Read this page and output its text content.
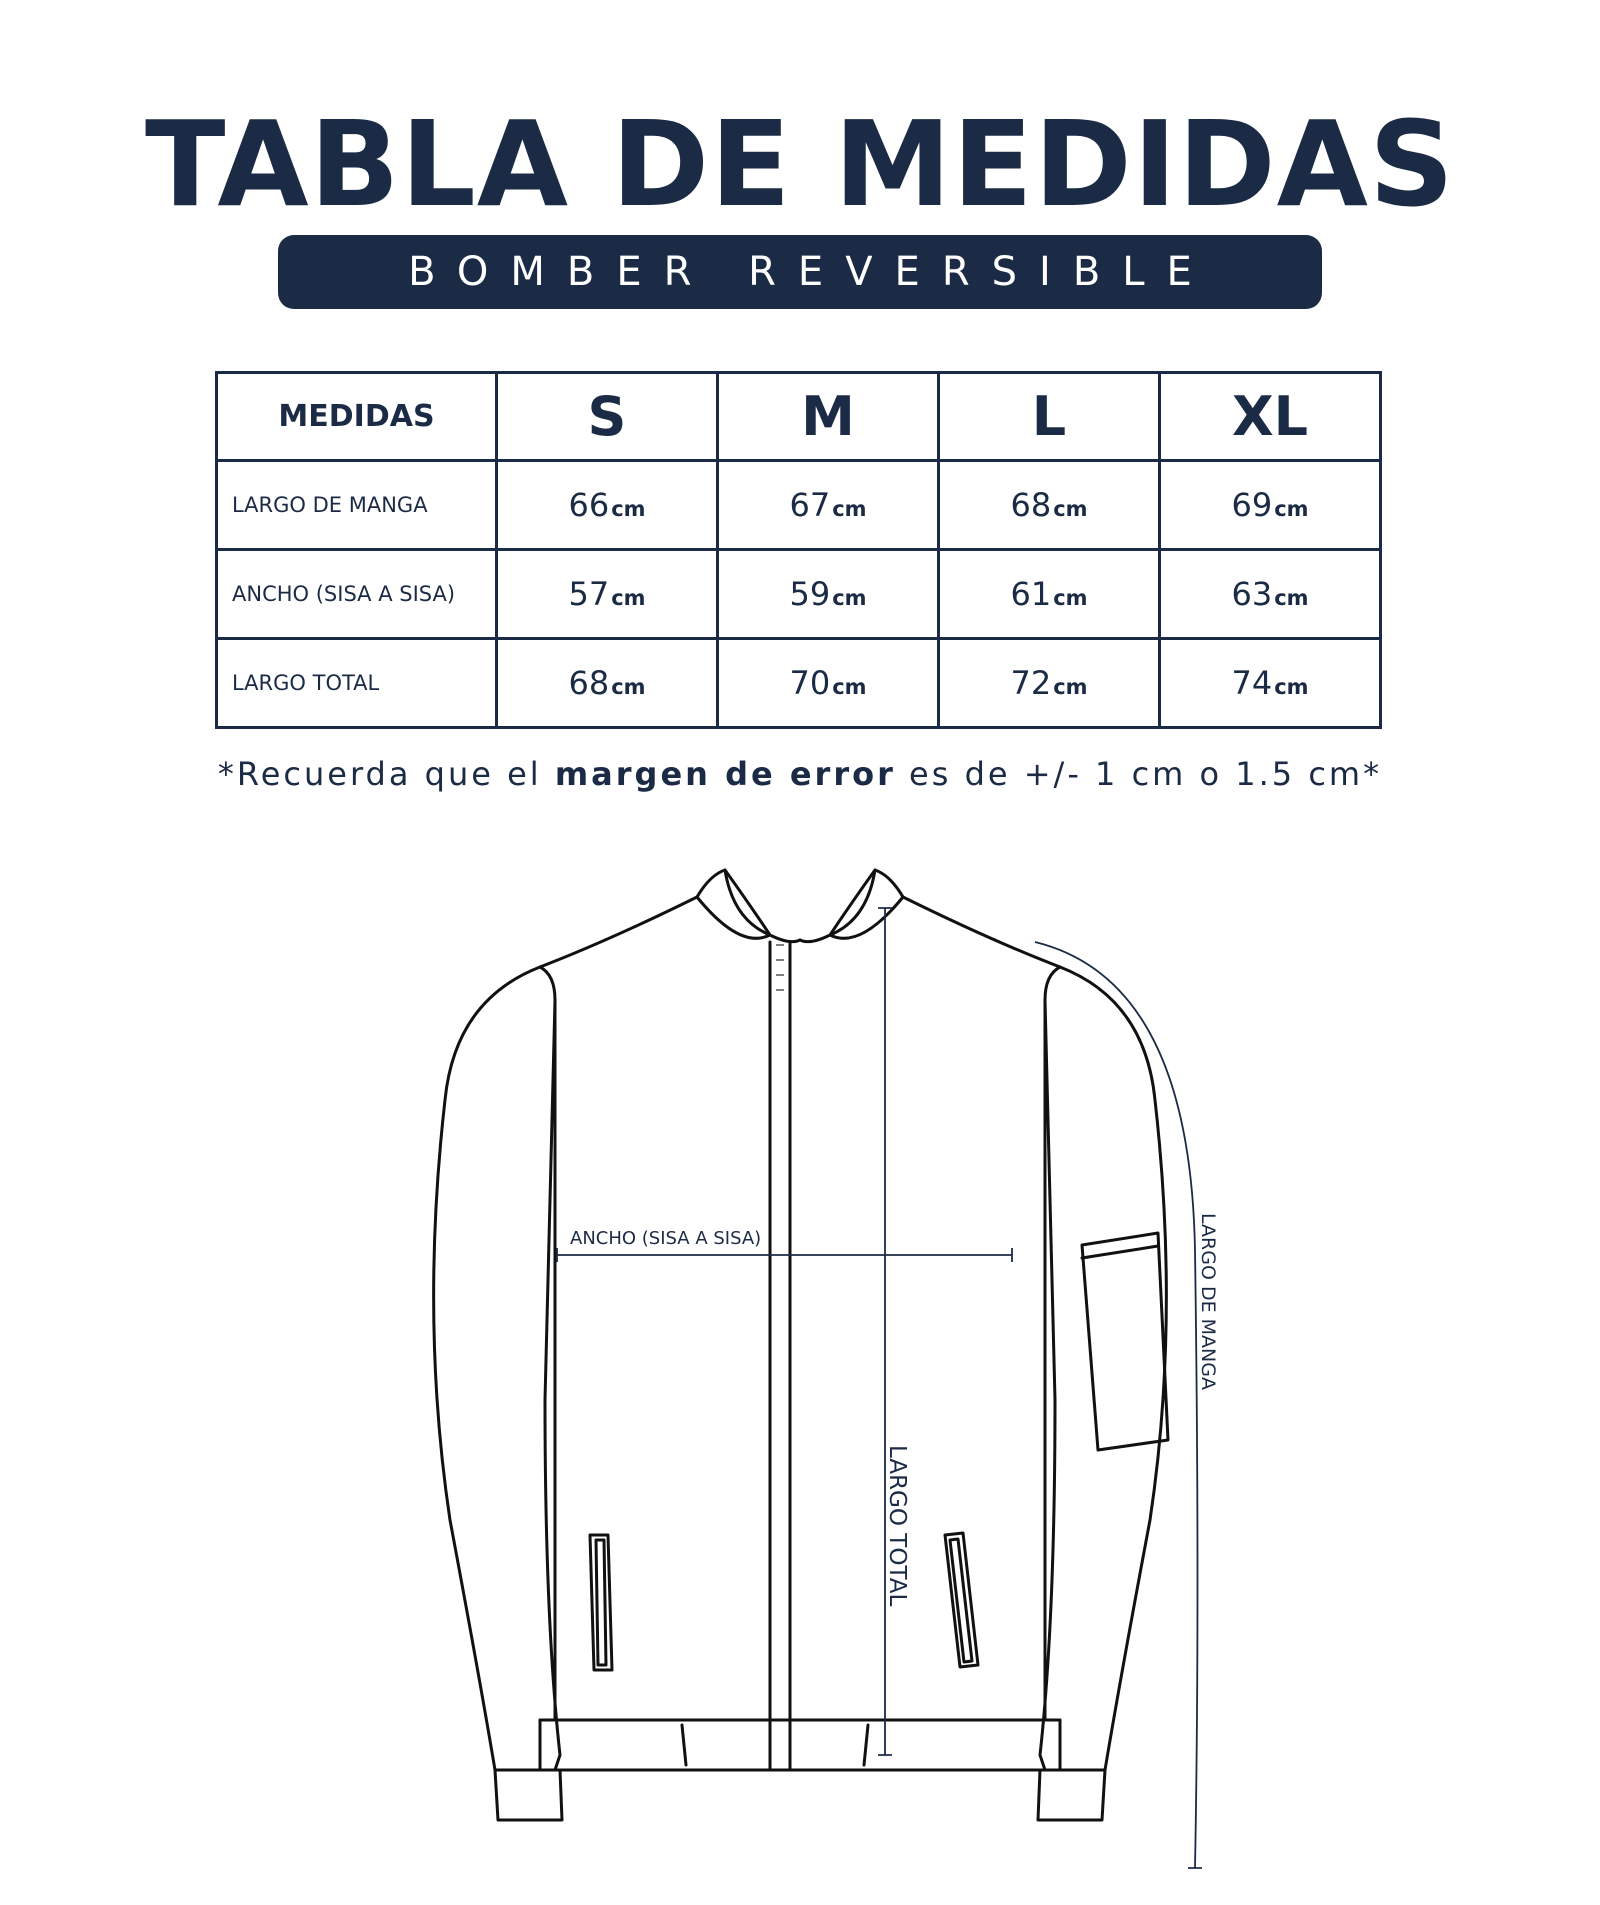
TABLA DE MEDIDAS
BOMBER REVERSIBLE
MEDIDAS	S	M	L	XL
LARGO DE MANGA	66cm	67cm	68cm	69cm
ANCHO (SISA A SISA)	57cm	59cm	61cm	63cm
LARGO TOTAL	68cm	70cm	72cm	74cm
*Recuerda que el margen de error es de +/- 1 cm o 1.5 cm*
ANCHO (SISA A SISA)
LARGO TOTAL
LARGO DE MANGA
